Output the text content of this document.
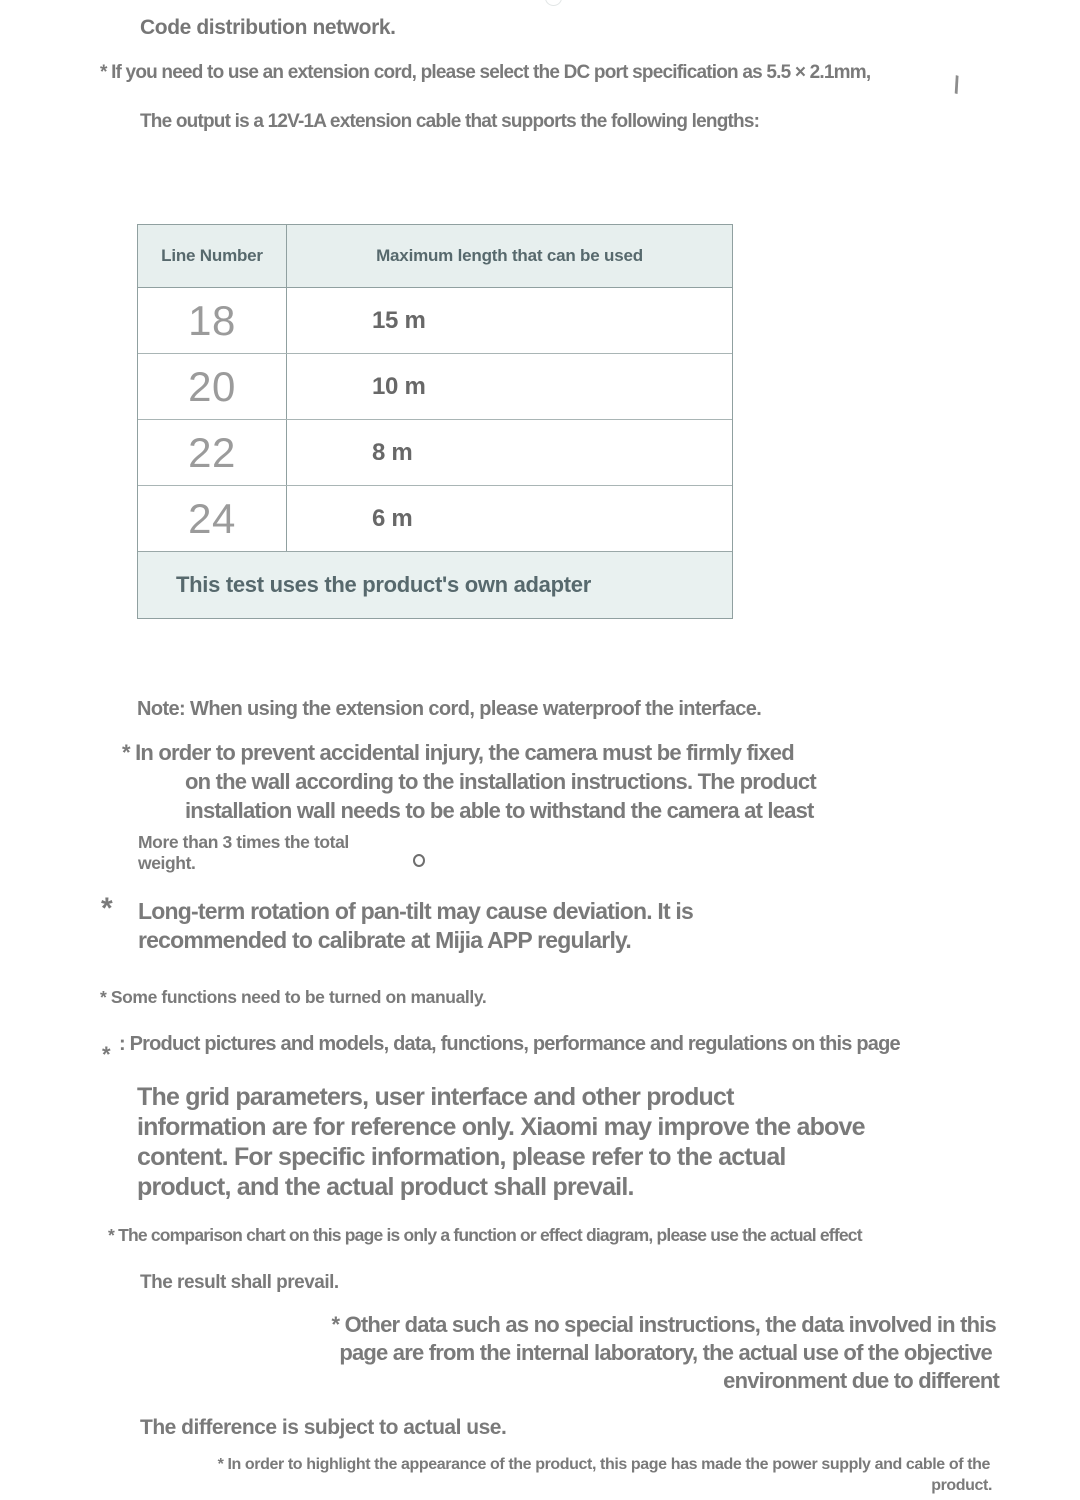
Code distribution network.
* If you need to use an extension cord, please select the DC port specification as 5.5 × 2.1mm,	\
The output is a 12V-1A extension cable that supports the following lengths:
Line Number	Maximum length that can be used
18	15 m
20	10 m
22	8 m
24	6 m
This test uses the product's own adapter
Note: When using the extension cord, please waterproof the interface.
* In order to prevent accidental injury, the camera must be firmly fixed
on the wall according to the installation instructions. The product
installation wall needs to be able to withstand the camera at least
More than 3 times the total
weight.
* Long-term rotation of pan-tilt may cause deviation. It is
recommended to calibrate at Mijia APP regularly.
* Some functions need to be turned on manually.
* : Product pictures and models, data, functions, performance and regulations on this page
The grid parameters, user interface and other product
information are for reference only. Xiaomi may improve the above
content. For specific information, please refer to the actual
product, and the actual product shall prevail.
* The comparison chart on this page is only a function or effect diagram, please use the actual effect
The result shall prevail.
* Other data such as no special instructions, the data involved in this
page are from the internal laboratory, the actual use of the objective
environment due to different
The difference is subject to actual use.
* In order to highlight the appearance of the product, this page has made the power supply and cable of the
product.
